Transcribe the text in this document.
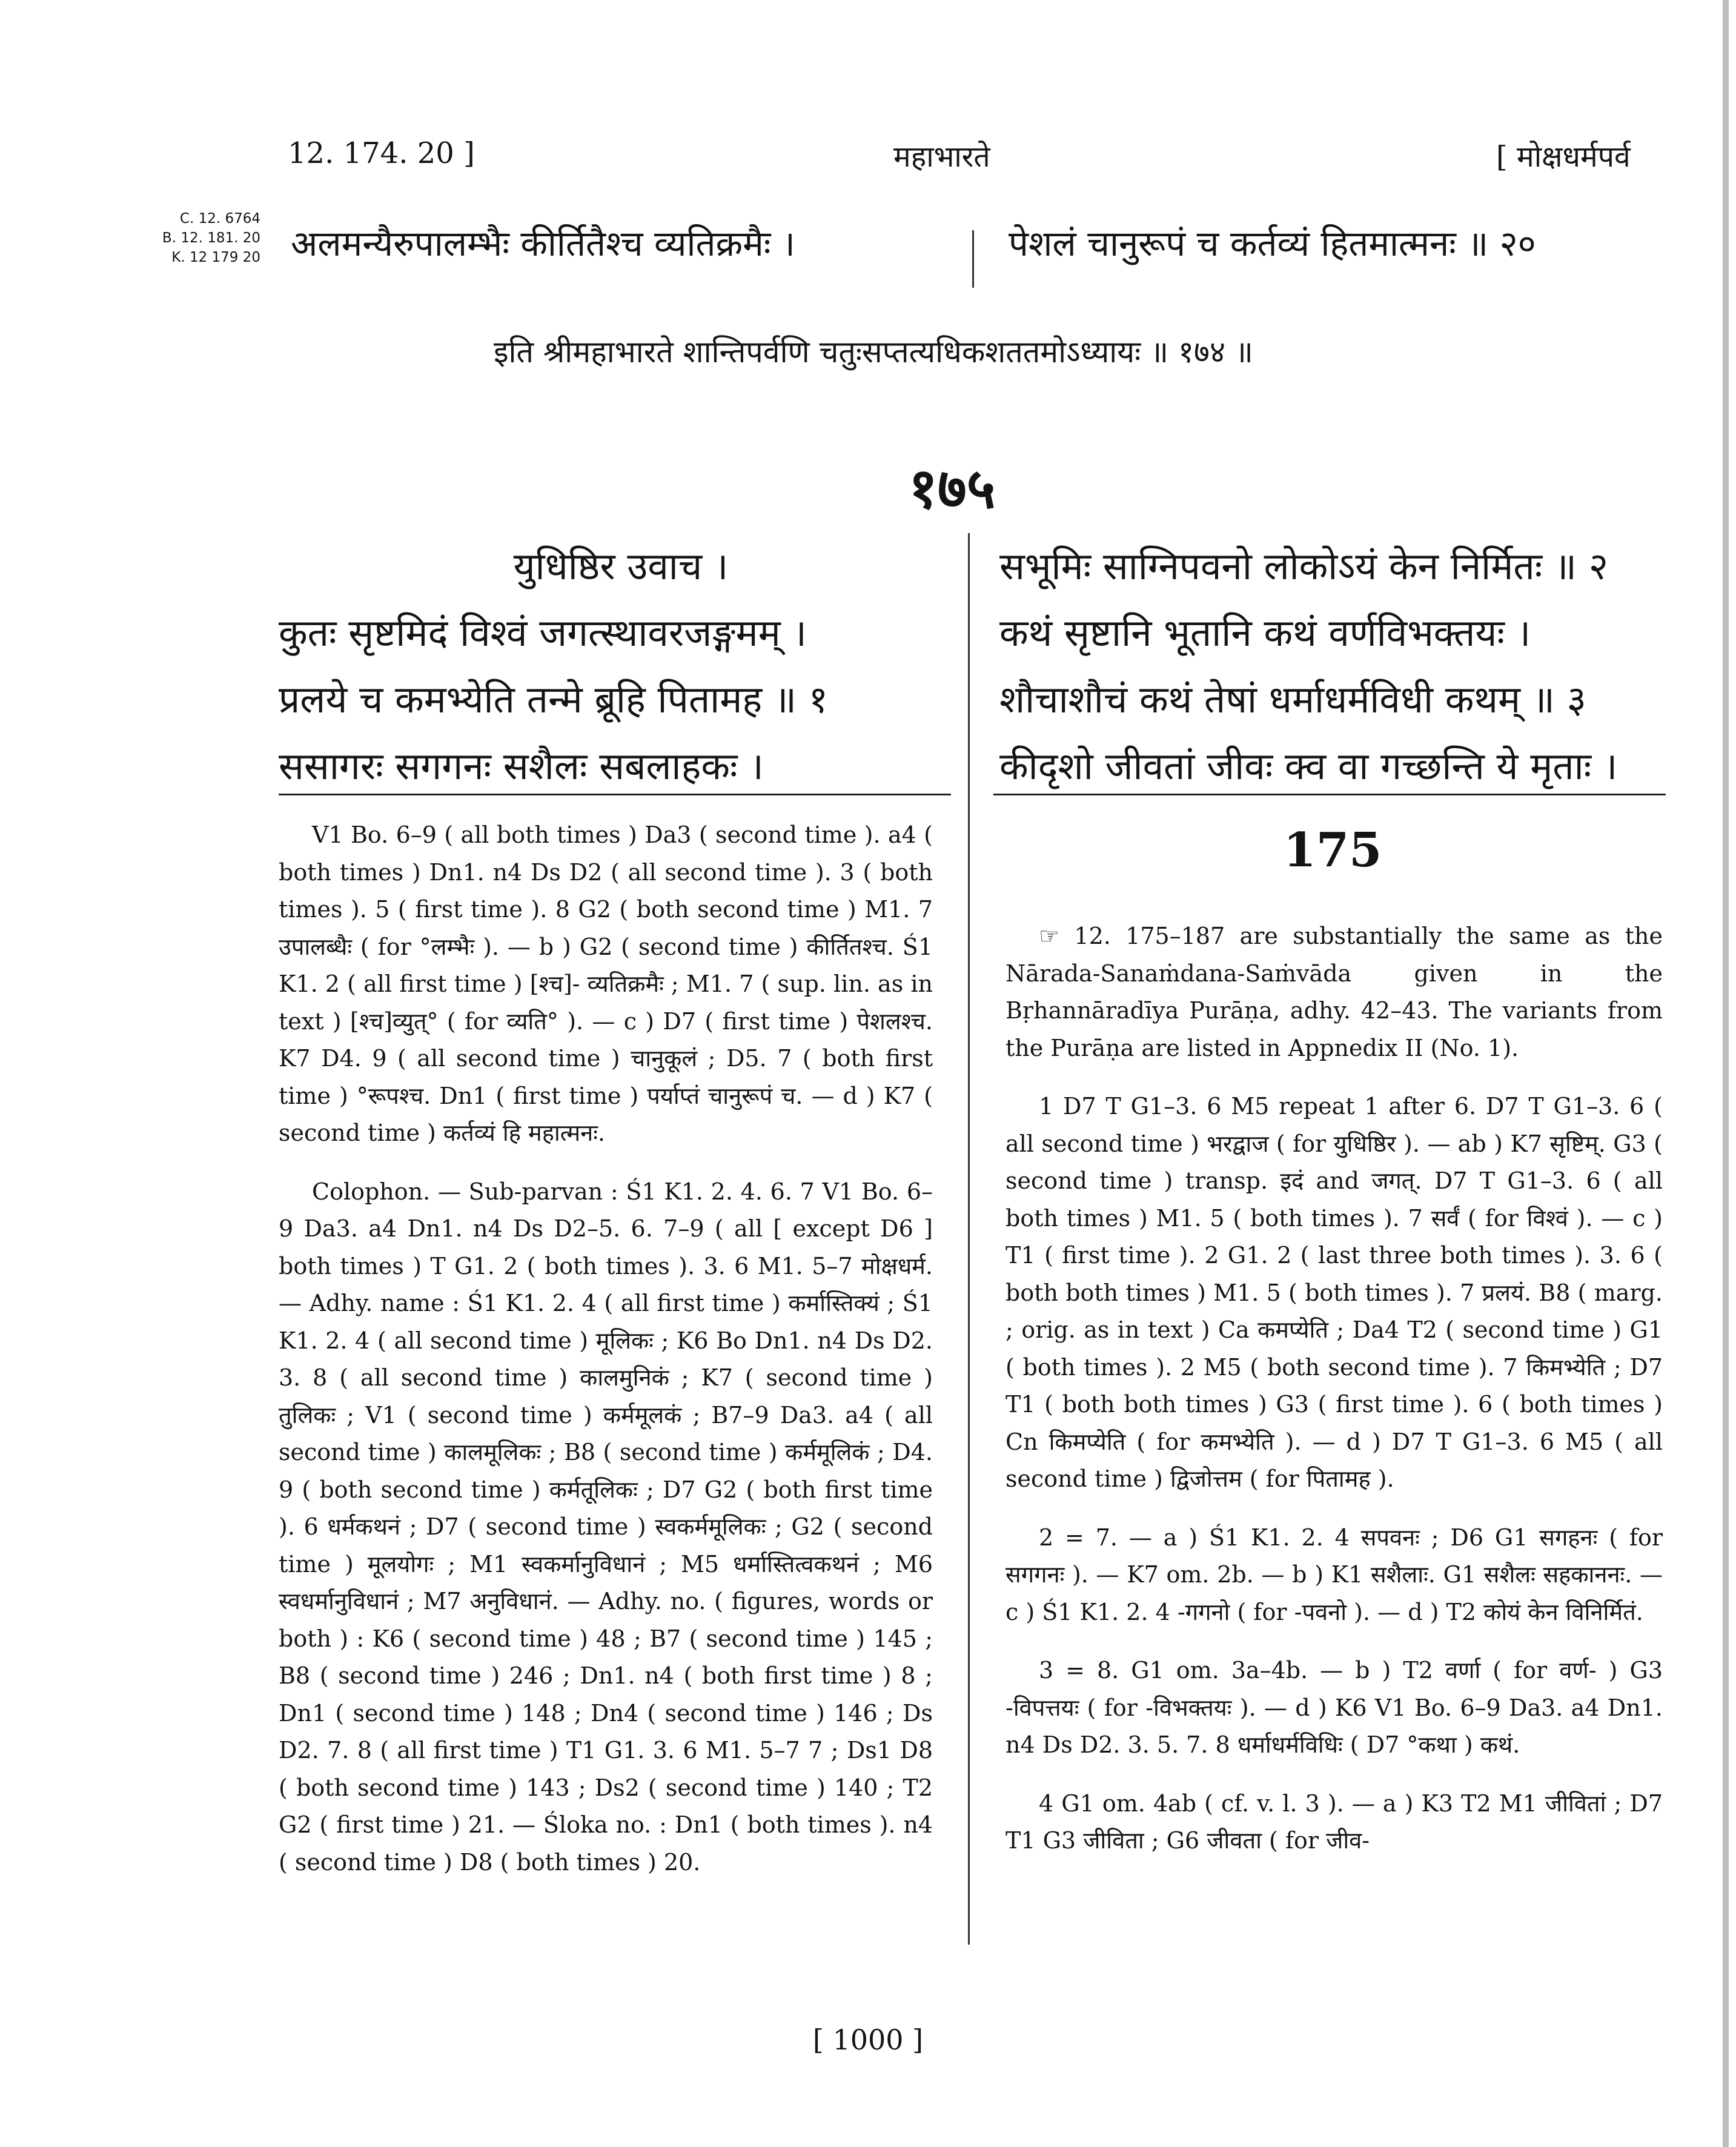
12. 174. 20 ]	महाभारते	[ मोक्षधर्मपर्व
C. 12. 6764
B. 12. 181. 20
K. 12 179 20 अलमन्यैरुपालम्भैः कीर्तितैश्च व्यतिक्रमैः ।	पेशलं चानुरूपं च कर्तव्यं हितमात्मनः ॥ २०
इति श्रीमहाभारते शान्तिपर्वणि चतुःसप्तत्यधिकशततमोऽध्यायः ॥ १७४ ॥
१७५
युधिष्ठिर उवाच ।
कुतः सृष्टमिदं विश्वं जगत्स्थावरजङ्गमम् ।
प्रलये च कमभ्येति तन्मे ब्रूहि पितामह ॥ १
ससागरः सगगनः सशैलः सबलाहकः ।
सभूमिः साग्निपवनो लोकोऽयं केन निर्मितः ॥ २
कथं सृष्टानि भूतानि कथं वर्णविभक्तयः ।
शौचाशौचं कथं तेषां धर्माधर्मविधी कथम् ॥ ३
कीदृशो जीवतां जीवः क्व वा गच्छन्ति ये मृताः ।

V1 Bo. 6–9 ( all both times ) Da3 ( second time ). a4 ( both times ) Dn1. n4 Ds D2 ( all second time ). 3 ( both times ). 5 ( first time ). 8 G2 ( both second time ) M1. 7 उपालब्धैः ( for °लम्भैः ). — b ) G2 ( second time ) कीर्तितश्च. Ś1 K1. 2 ( all first time ) [श्च]- व्यतिक्रमैः ; M1. 7 ( sup. lin. as in text ) [श्च]व्युत्° ( for व्यति° ). — c ) D7 ( first time ) पेशलश्च. K7 D4. 9 ( all second time ) चानुकूलं ; D5. 7 ( both first time ) °रूपश्च. Dn1 ( first time ) पर्याप्तं चानुरूपं च. — d ) K7 ( second time ) कर्तव्यं हि महात्मनः.

Colophon. — Sub-parvan : Ś1 K1. 2. 4. 6. 7 V1 Bo. 6–9 Da3. a4 Dn1. n4 Ds D2–5. 6. 7–9 ( all [ except D6 ] both times ) T G1. 2 ( both times ). 3. 6 M1. 5–7 मोक्षधर्म. — Adhy. name : Ś1 K1. 2. 4 ( all first time ) कर्मास्तिक्यं ; Ś1 K1. 2. 4 ( all second time ) मूलिकः ; K6 Bo Dn1. n4 Ds D2. 3. 8 ( all second time ) कालमुनिकं ; K7 ( second time ) तुलिकः ; V1 ( second time ) कर्ममूलकं ; B7–9 Da3. a4 ( all second time ) कालमूलिकः ; B8 ( second time ) कर्ममूलिकं ; D4. 9 ( both second time ) कर्मतूलिकः ; D7 G2 ( both first time ). 6 धर्मकथनं ; D7 ( second time ) स्वकर्ममूलिकः ; G2 ( second time ) मूलयोगः ; M1 स्वकर्मानुविधानं ; M5 धर्मास्तित्वकथनं ; M6 स्वधर्मानुविधानं ; M7 अनुविधानं. — Adhy. no. ( figures, words or both ) : K6 ( second time ) 48 ; B7 ( second time ) 145 ; B8 ( second time ) 246 ; Dn1. n4 ( both first time ) 8 ; Dn1 ( second time ) 148 ; Dn4 ( second time ) 146 ; Ds D2. 7. 8 ( all first time ) T1 G1. 3. 6 M1. 5–7 7 ; Ds1 D8 ( both second time ) 143 ; Ds2 ( second time ) 140 ; T2 G2 ( first time ) 21. — Śloka no. : Dn1 ( both times ). n4 ( second time ) D8 ( both times ) 20.

175

☞ 12. 175–187 are substantially the same as the Nārada-Sanaṁdana-Saṁvāda given in the Bṛhannāradīya Purāṇa, adhy. 42–43. The variants from the Purāṇa are listed in Appnedix II (No. 1).

1 D7 T G1–3. 6 M5 repeat 1 after 6. D7 T G1–3. 6 ( all second time ) भरद्वाज ( for युधिष्ठिर ). — ab ) K7 सृष्टिम्. G3 ( second time ) transp. इदं and जगत्. D7 T G1–3. 6 ( all both times ) M1. 5 ( both times ). 7 सर्वं ( for विश्वं ). — c ) T1 ( first time ). 2 G1. 2 ( last three both times ). 3. 6 ( both both times ) M1. 5 ( both times ). 7 प्रलयं. B8 ( marg. ; orig. as in text ) Ca कमप्येति ; Da4 T2 ( second time ) G1 ( both times ). 2 M5 ( both second time ). 7 किमभ्येति ; D7 T1 ( both both times ) G3 ( first time ). 6 ( both times ) Cn किमप्येति ( for कमभ्येति ). — d ) D7 T G1–3. 6 M5 ( all second time ) द्विजोत्तम ( for पितामह ).

2 = 7. — a ) Ś1 K1. 2. 4 सपवनः ; D6 G1 सगहनः ( for सगगनः ). — K7 om. 2b. — b ) K1 सशैलाः. G1 सशैलः सहकाननः. — c ) Ś1 K1. 2. 4 -गगनो ( for -पवनो ). — d ) T2 कोयं केन विनिर्मितं.

3 = 8. G1 om. 3a–4b. — b ) T2 वर्णा ( for वर्ण- ) G3 -विपत्तयः ( for -विभक्तयः ). — d ) K6 V1 Bo. 6–9 Da3. a4 Dn1. n4 Ds D2. 3. 5. 7. 8 धर्माधर्मविधिः ( D7 °कथा ) कथं.

4 G1 om. 4ab ( cf. v. l. 3 ). — a ) K3 T2 M1 जीवितां ; D7 T1 G3 जीविता ; G6 जीवता ( for जीव-

[ 1000 ]
